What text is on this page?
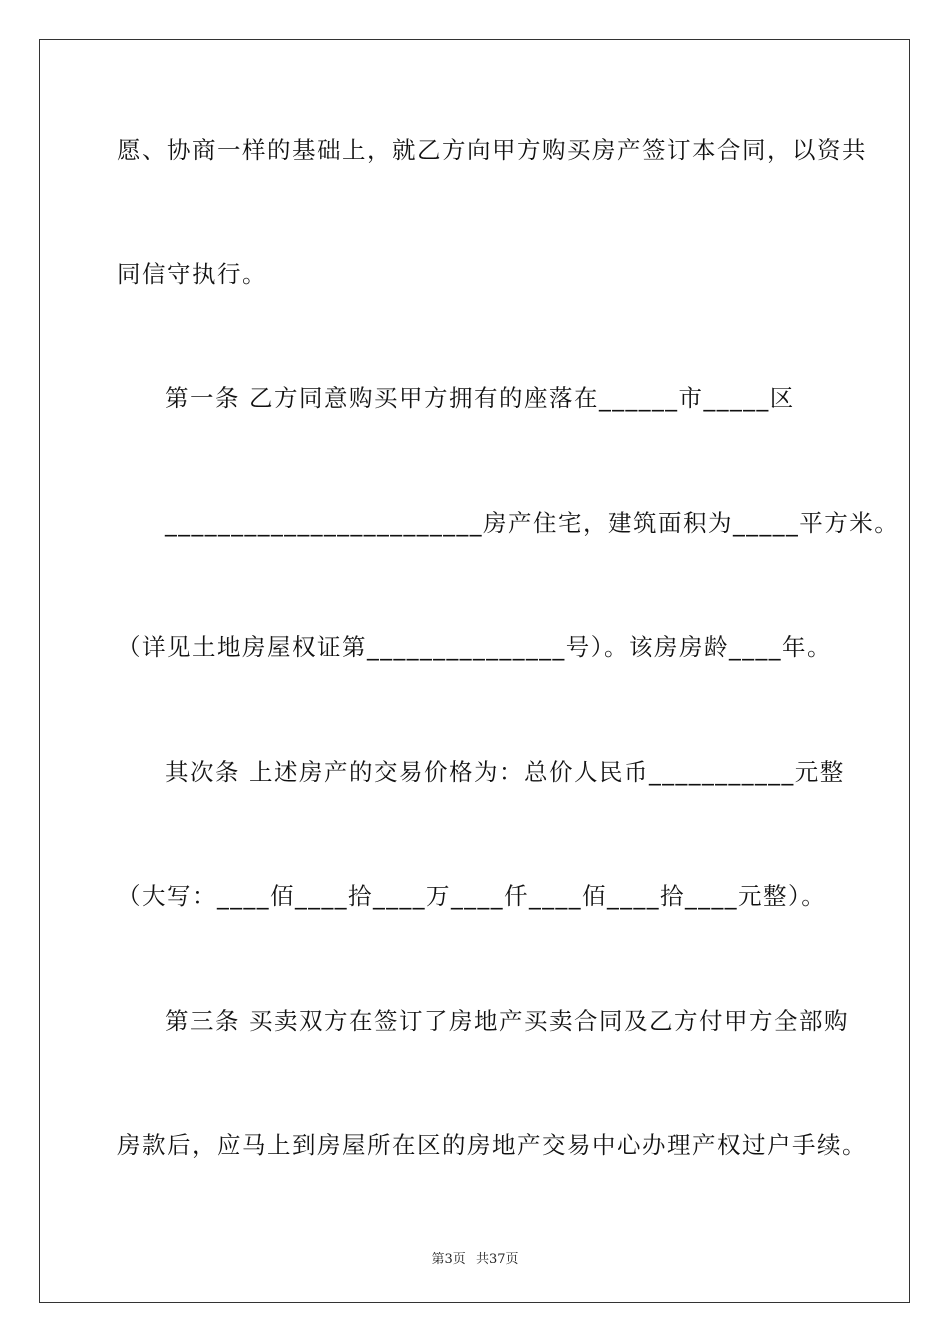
愿、协商一样的基础上，就乙方向甲方购买房产签订本合同，以资共
同信守执行。
第一条 乙方同意购买甲方拥有的座落在______市_____区
________________________房产住宅，建筑面积为_____平方米。
（详见土地房屋权证第_______________号）。该房房龄____年。
其次条 上述房产的交易价格为：总价人民币___________元整
（大写：____佰____拾____万____仟____佰____拾____元整）。
第三条 买卖双方在签订了房地产买卖合同及乙方付甲方全部购
房款后，应马上到房屋所在区的房地产交易中心办理产权过户手续。
第3页 共37页
